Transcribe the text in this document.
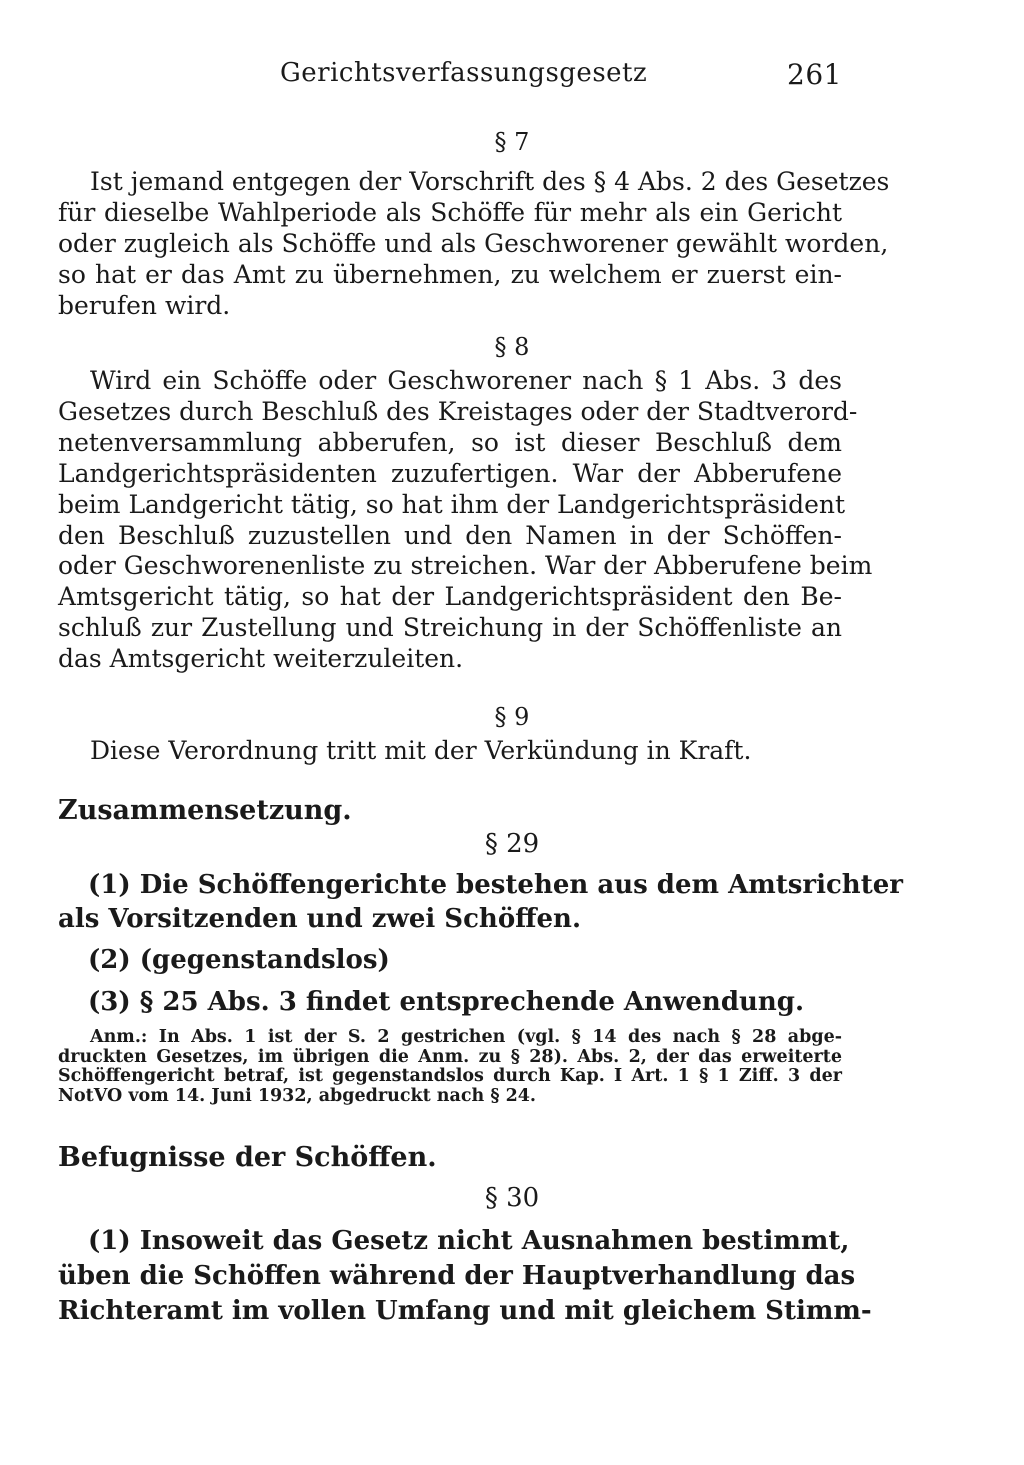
Gerichtsverfassungsgesetz	261
§ 7
Ist jemand entgegen der Vorschrift des § 4 Abs. 2 des Gesetzes
für dieselbe Wahlperiode als Schöffe für mehr als ein Gericht
oder zugleich als Schöffe und als Geschworener gewählt worden,
so hat er das Amt zu übernehmen, zu welchem er zuerst ein-
berufen wird.
§ 8
Wird ein Schöffe oder Geschworener nach § 1 Abs. 3 des
Gesetzes durch Beschluß des Kreistages oder der Stadtverord-
netenversammlung abberufen, so ist dieser Beschluß dem
Landgerichtspräsidenten zuzufertigen. War der Abberufene
beim Landgericht tätig, so hat ihm der Landgerichtspräsident
den Beschluß zuzustellen und den Namen in der Schöffen-
oder Geschworenenliste zu streichen. War der Abberufene beim
Amtsgericht tätig, so hat der Landgerichtspräsident den Be-
schluß zur Zustellung und Streichung in der Schöffenliste an
das Amtsgericht weiterzuleiten.
§ 9
Diese Verordnung tritt mit der Verkündung in Kraft.
Zusammensetzung.
§ 29
(1) Die Schöffengerichte bestehen aus dem Amtsrichter
als Vorsitzenden und zwei Schöffen.
(2) (gegenstandslos)
(3) § 25 Abs. 3 findet entsprechende Anwendung.
Anm.: In Abs. 1 ist der S. 2 gestrichen (vgl. § 14 des nach § 28 abge-
druckten Gesetzes, im übrigen die Anm. zu § 28). Abs. 2, der das erweiterte
Schöffengericht betraf, ist gegenstandslos durch Kap. I Art. 1 § 1 Ziff. 3 der
NotVO vom 14. Juni 1932, abgedruckt nach § 24.
Befugnisse der Schöffen.
§ 30
(1) Insoweit das Gesetz nicht Ausnahmen bestimmt,
üben die Schöffen während der Hauptverhandlung das
Richteramt im vollen Umfang und mit gleichem Stimm-
